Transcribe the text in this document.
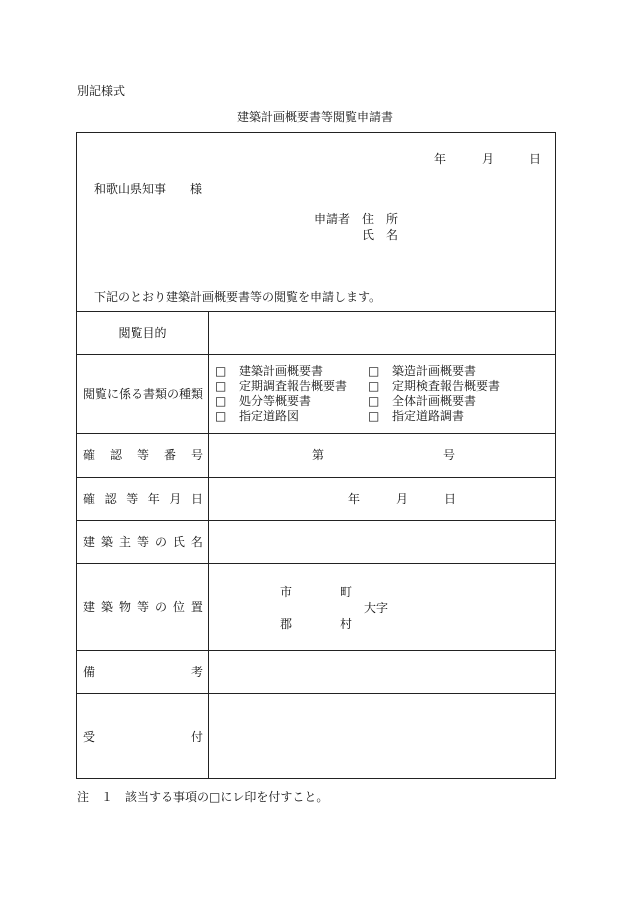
別記様式
建築計画概要書等閲覧申請書
年	月	日
和歌山県知事 様
申請者 住 所
氏 名
下記のとおり建築計画概要書等の閲覧を申請します。
閲覧目的
閲覧に係る書類の種類
□ 建築計画概要書
□ 定期調査報告概要書
□ 処分等概要書
□ 指定道路図
□ 築造計画概要書
□ 定期検査報告概要書
□ 全体計画概要書
□ 指定道路調書
確 認 等 番 号	第	号
確 認 等 年 月 日	年	月	日
建 築 主 等 の 氏 名
建 築 物 等 の 位 置
市	町
大字
郡	村
備	考
受	付
注　１　該当する事項の□にレ印を付すこと。
